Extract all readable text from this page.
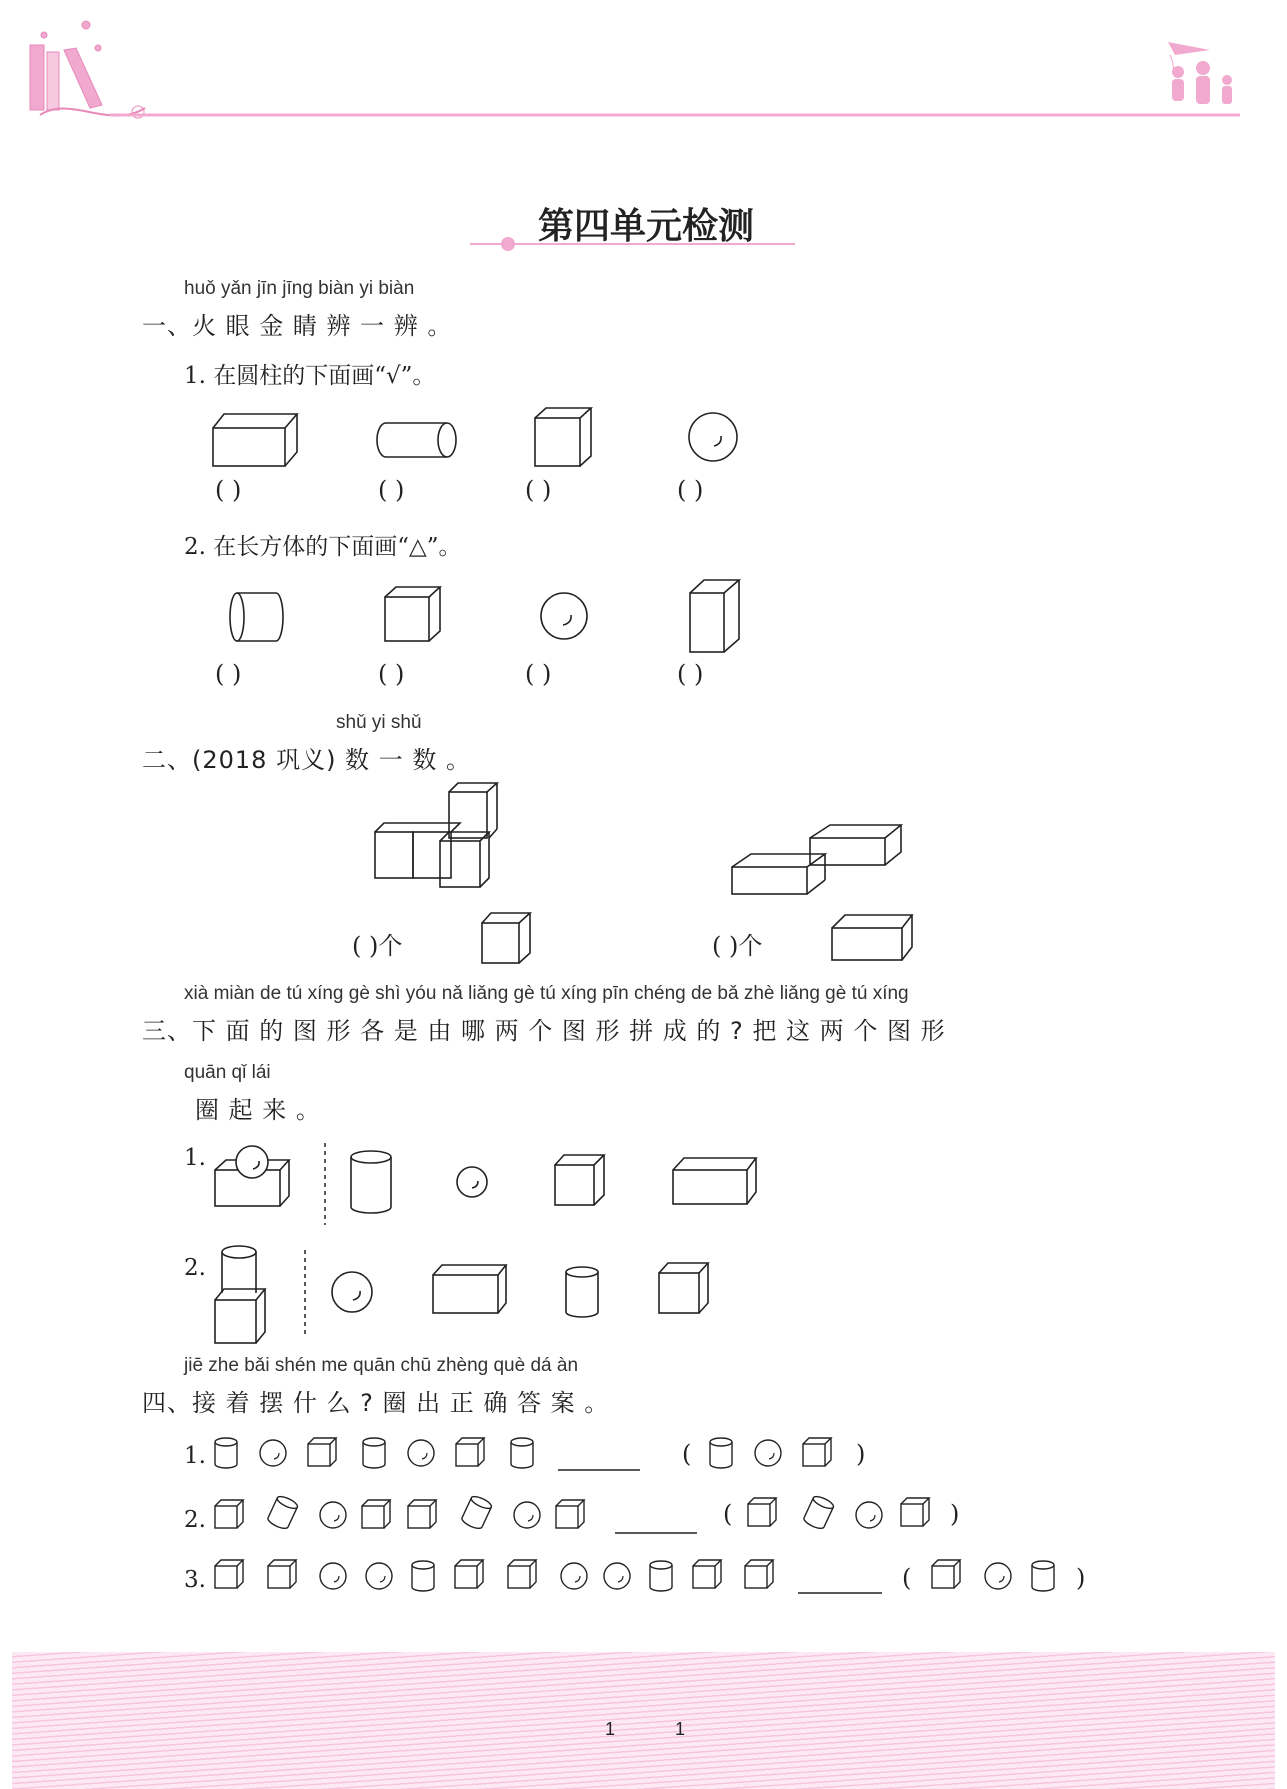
第四单元检测
huǒ yǎn jīn jīng biàn yi biàn
一、火 眼 金 睛 辨 一 辨 。
1. 在圆柱的下面画“√”。
( )	( )	( )	( )
2. 在长方体的下面画“△”。
( )	( )	( )	( )
shǔ yi shǔ
二、(2018 巩义) 数 一 数 。
( )个	( )个
xià miàn de tú xíng gè shì yóu nǎ liǎng gè tú xíng pīn chéng de bǎ zhè liǎng gè tú xíng
三、下 面 的 图 形 各 是 由 哪 两 个 图 形 拼 成 的 ? 把 这 两 个 图 形
quān qǐ lái
圈 起 来 。
1.
2.
jiē zhe bǎi shén me quān chū zhèng què dá àn
四、接 着 摆 什 么 ? 圈 出 正 确 答 案 。
1.
2.
3.
(	)
(	)
(	)
1 1
